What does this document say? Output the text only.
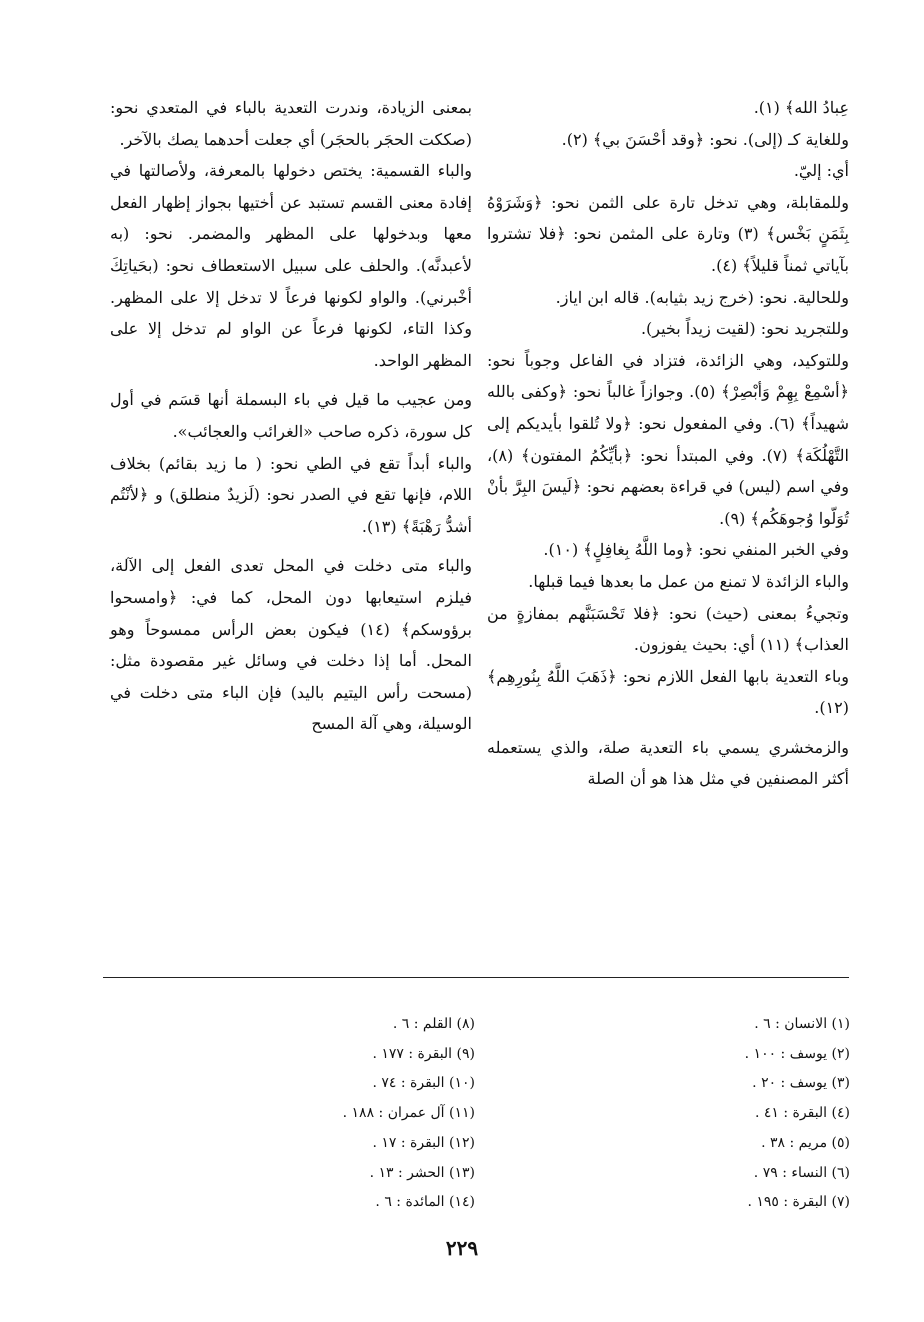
عِبادُ الله﴾ (١).

وللغاية كـ (إلى). نحو: ﴿وقد أحْسَنَ بي﴾ (٢).

أي: إليّ.

وللمقابلة، وهي تدخل تارة على الثمن نحو: ﴿وَشَرَوْهُ بِثَمَنٍ بَخْس﴾ (٣) وتارة على المثمن نحو: ﴿فلا تشتروا بآياتي ثمناً قليلاً﴾ (٤).

وللحالية. نحو: (خرج زيد بثيابه). قاله ابن اياز.

وللتجريد نحو: (لقيت زيداً بخير).

وللتوكيد، وهي الزائدة، فتزاد في الفاعل وجوباً نحو: ﴿أسْمِعْ بِهِمْ وَأبْصِرْ﴾ (٥). وجوازاً غالباً نحو: ﴿وكفى بالله شهيداً﴾ (٦). وفي المفعول نحو: ﴿ولا تُلقوا بأيديكم إلى التَّهْلُكَة﴾ (٧). وفي المبتدأ نحو: ﴿بأيِّكُمُ المفتون﴾ (٨)، وفي اسم (ليس) في قراءة بعضهم نحو: ﴿لَيسَ البِرَّ بأنْ تُوَلّوا وُجوهَكُم﴾ (٩).

وفي الخبر المنفي نحو: ﴿وما اللَّهُ بِغافِلٍ﴾ (١٠).

والباء الزائدة لا تمنع من عمل ما بعدها فيما قبلها.

وتجيءُ بمعنى (حيث) نحو: ﴿فلا تَحْسَبَنَّهم بمفازةٍ من العذاب﴾ (١١) أي: بحيث يفوزون.

وباء التعدية بابها الفعل اللازم نحو: ﴿ذَهَبَ اللَّهُ بِنُورِهِم﴾ (١٢).

والزمخشري يسمي باء التعدية صلة، والذي يستعمله أكثر المصنفين في مثل هذا هو أن الصلة

بمعنى الزيادة، وندرت التعدية بالباء في المتعدي نحو: (صككت الحجَر بالحجَر) أي جعلت أحدهما يصك بالآخر.

والباء القسمية: يختص دخولها بالمعرفة، ولأصالتها في إفادة معنى القسم تستبد عن أختيها بجواز إظهار الفعل معها وبدخولها على المظهر والمضمر. نحو: (به لأعبدنَّه). والحلف على سبيل الاستعطاف نحو: (بحَياتِكَ أخْبرني). والواو لكونها فرعاً لا تدخل إلا على المظهر. وكذا التاء، لكونها فرعاً عن الواو لم تدخل إلا على المظهر الواحد.

ومن عجيب ما قيل في باء البسملة أنها قسَم في أول كل سورة، ذكره صاحب «الغرائب والعجائب».

والباء أبداً تقع في الطي نحو: ( ما زيد بقائم) بخلاف اللام، فإنها تقع في الصدر نحو: (لَزيدٌ منطلق) و ﴿لأنْتُم أشدُّ رَهْبَةً﴾ (١٣).

والباء متى دخلت في المحل تعدى الفعل إلى الآلة، فيلزم استيعابها دون المحل، كما في: ﴿وامسحوا برؤوسكم﴾ (١٤) فيكون بعض الرأس ممسوحاً وهو المحل. أما إذا دخلت في وسائل غير مقصودة مثل: (مسحت رأس اليتيم باليد) فإن الباء متى دخلت في الوسيلة، وهي آلة المسح

(١) الانسان : ٦ .
(٢) يوسف : ١٠٠ .
(٣) يوسف : ٢٠ .
(٤) البقرة : ٤١ .
(٥) مريم : ٣٨ .
(٦) النساء : ٧٩ .
(٧) البقرة : ١٩٥ .
(٨) القلم : ٦ .
(٩) البقرة : ١٧٧ .
(١٠) البقرة : ٧٤ .
(١١) آل عمران : ١٨٨ .
(١٢) البقرة : ١٧ .
(١٣) الحشر : ١٣ .
(١٤) المائدة : ٦ .
٢٢٩
